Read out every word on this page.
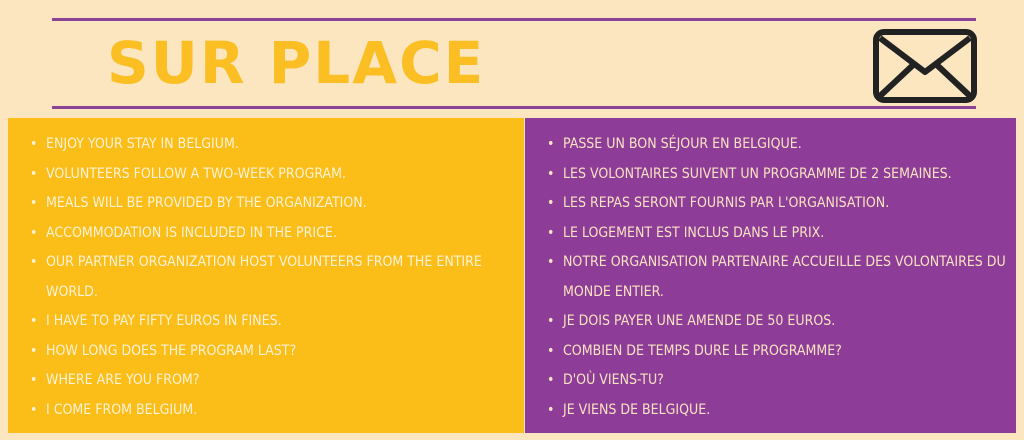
SUR PLACE
• ENJOY YOUR STAY IN BELGIUM.
• VOLUNTEERS FOLLOW A TWO-WEEK PROGRAM.
• MEALS WILL BE PROVIDED BY THE ORGANIZATION.
• ACCOMMODATION IS INCLUDED IN THE PRICE.
• OUR PARTNER ORGANIZATION HOST VOLUNTEERS FROM THE ENTIRE WORLD.
• I HAVE TO PAY FIFTY EUROS IN FINES.
• HOW LONG DOES THE PROGRAM LAST?
• WHERE ARE YOU FROM?
• I COME FROM BELGIUM.
• PASSE UN BON SÉJOUR EN BELGIQUE.
• LES VOLONTAIRES SUIVENT UN PROGRAMME DE 2 SEMAINES.
• LES REPAS SERONT FOURNIS PAR L'ORGANISATION.
• LE LOGEMENT EST INCLUS DANS LE PRIX.
• NOTRE ORGANISATION PARTENAIRE ACCUEILLE DES VOLONTAIRES DU MONDE ENTIER.
• JE DOIS PAYER UNE AMENDE DE 50 EUROS.
• COMBIEN DE TEMPS DURE LE PROGRAMME?
• D'OÙ VIENS-TU?
• JE VIENS DE BELGIQUE.
